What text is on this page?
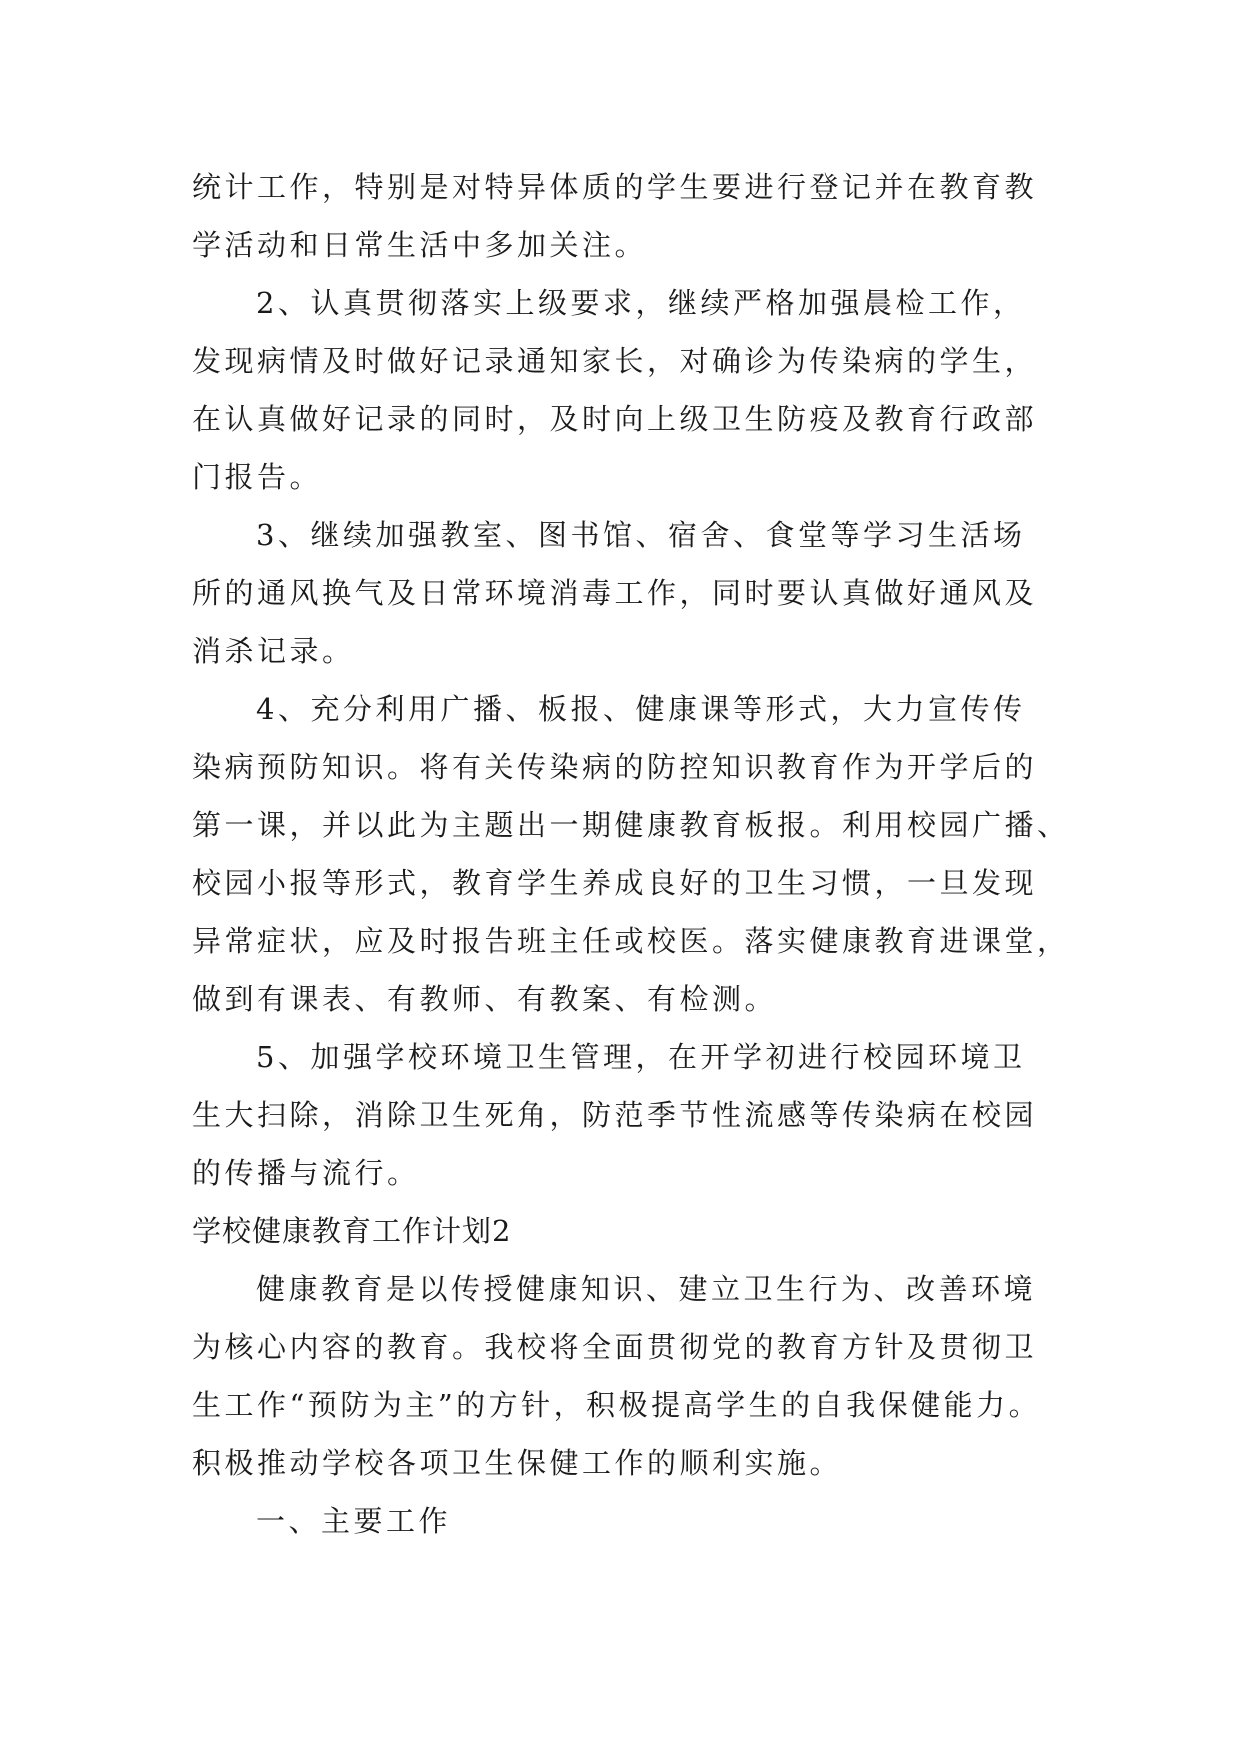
统计工作，特别是对特异体质的学生要进行登记并在教育教
学活动和日常生活中多加关注。
2、认真贯彻落实上级要求，继续严格加强晨检工作，
发现病情及时做好记录通知家长，对确诊为传染病的学生，
在认真做好记录的同时，及时向上级卫生防疫及教育行政部
门报告。
3、继续加强教室、图书馆、宿舍、食堂等学习生活场
所的通风换气及日常环境消毒工作，同时要认真做好通风及
消杀记录。
4、充分利用广播、板报、健康课等形式，大力宣传传
染病预防知识。将有关传染病的防控知识教育作为开学后的
第一课，并以此为主题出一期健康教育板报。利用校园广播、
校园小报等形式，教育学生养成良好的卫生习惯，一旦发现
异常症状，应及时报告班主任或校医。落实健康教育进课堂，
做到有课表、有教师、有教案、有检测。
5、加强学校环境卫生管理，在开学初进行校园环境卫
生大扫除，消除卫生死角，防范季节性流感等传染病在校园
的传播与流行。
学校健康教育工作计划2
健康教育是以传授健康知识、建立卫生行为、改善环境
为核心内容的教育。我校将全面贯彻党的教育方针及贯彻卫
生工作“预防为主”的方针，积极提高学生的自我保健能力。
积极推动学校各项卫生保健工作的顺利实施。
一、主要工作
